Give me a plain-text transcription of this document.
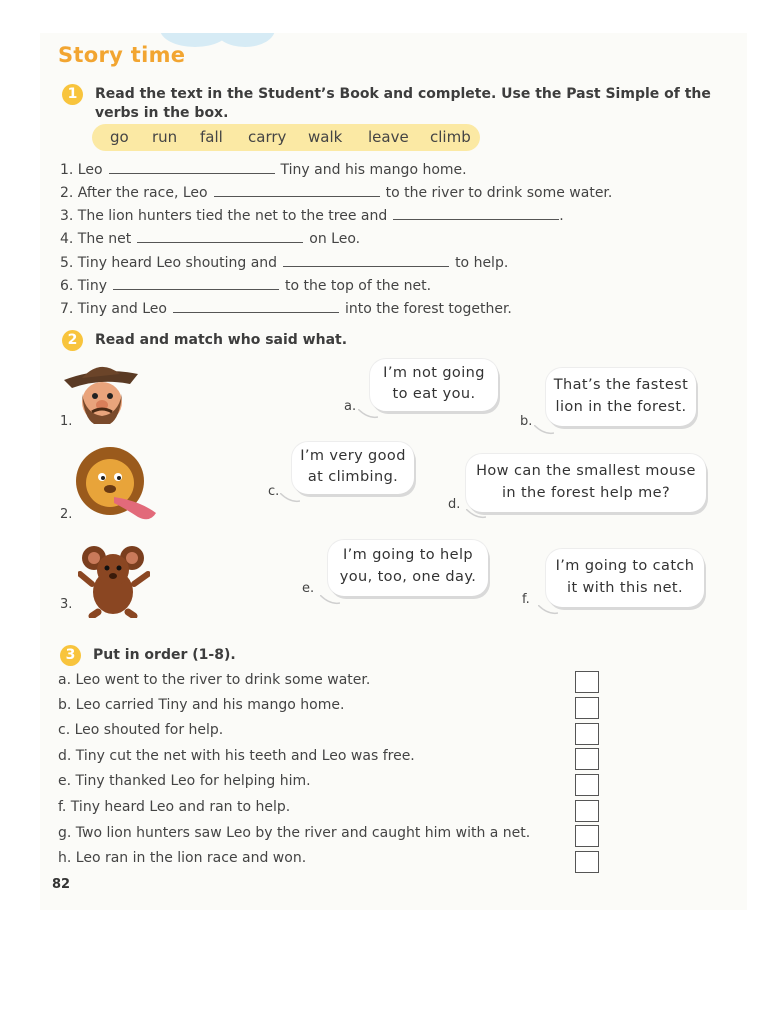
Story time
1	Read the text in the Student’s Book and complete. Use the Past Simple of the
verbs in the box.
go run fall carry walk leave climb
1. Leo	Tiny and his mango home.
2. After the race, Leo	to the river to drink some water.
3. The lion hunters tied the net to the tree and	.
4. The net	on Leo.
5. Tiny heard Leo shouting and	to help.
6. Tiny	to the top of the net.
7. Tiny and Leo	into the forest together.
2	Read and match who said what.
1.
2.
3.
a.
I’m not going
to eat you.
b.
That’s the fastest
lion in the forest.
c.
I’m very good
at climbing.
d.
How can the smallest mouse
in the forest help me?
e.
I’m going to help
you, too, one day.
f.
I’m going to catch
it with this net.
3	Put in order (1-8).
a. Leo went to the river to drink some water.
b. Leo carried Tiny and his mango home.
c. Leo shouted for help.
d. Tiny cut the net with his teeth and Leo was free.
e. Tiny thanked Leo for helping him.
f. Tiny heard Leo and ran to help.
g. Two lion hunters saw Leo by the river and caught him with a net.
h. Leo ran in the lion race and won.
82
